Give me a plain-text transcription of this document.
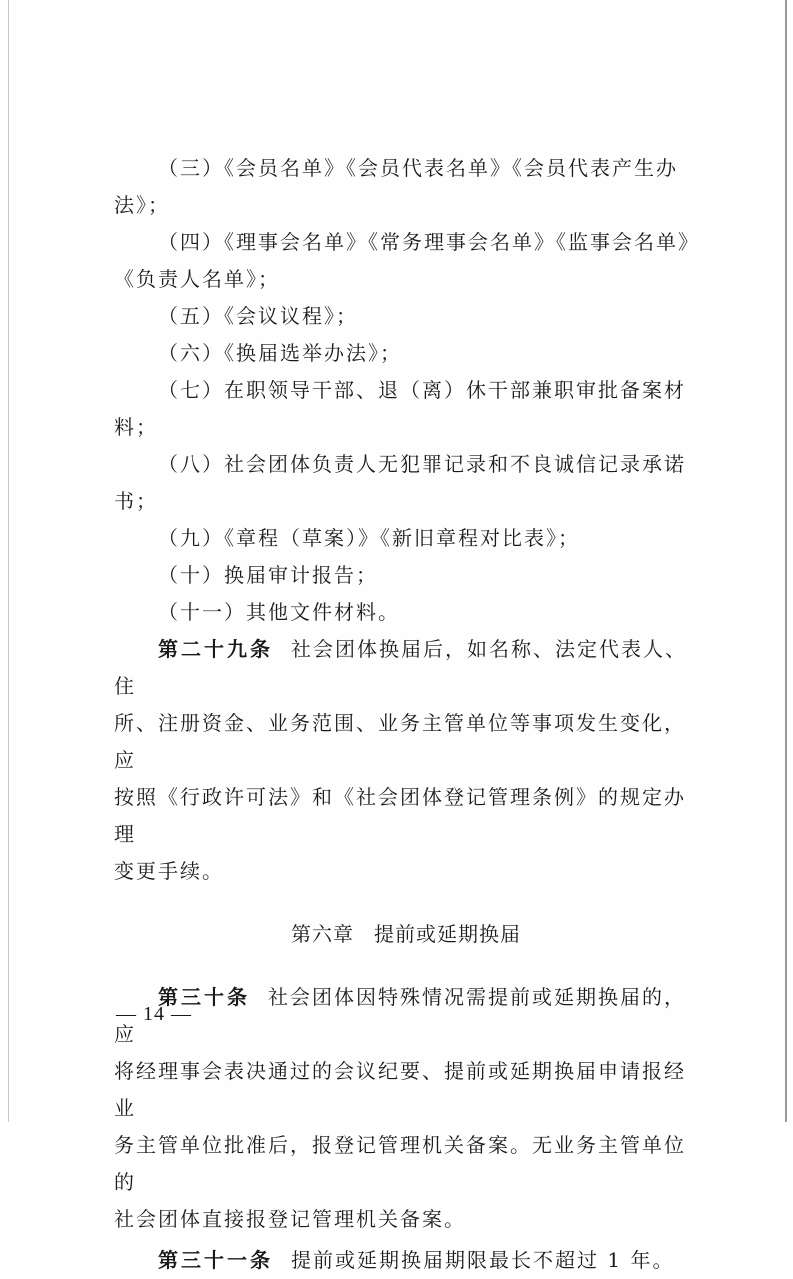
（三）《会员名单》《会员代表名单》《会员代表产生办

法》；

（四）《理事会名单》《常务理事会名单》《监事会名单》

《负责人名单》；

（五）《会议议程》；

（六）《换届选举办法》；

（七）在职领导干部、退（离）休干部兼职审批备案材料；

（八）社会团体负责人无犯罪记录和不良诚信记录承诺书；

（九）《章程（草案）》《新旧章程对比表》；

（十）换届审计报告；

（十一）其他文件材料。

第二十九条 社会团体换届后，如名称、法定代表人、住

所、注册资金、业务范围、业务主管单位等事项发生变化，应

按照《行政许可法》和《社会团体登记管理条例》的规定办理

变更手续。

第六章 提前或延期换届

第三十条 社会团体因特殊情况需提前或延期换届的，应

将经理事会表决通过的会议纪要、提前或延期换届申请报经业

务主管单位批准后，报登记管理机关备案。无业务主管单位的

社会团体直接报登记管理机关备案。

第三十一条 提前或延期换届期限最长不超过 1 年。

— 14 —
